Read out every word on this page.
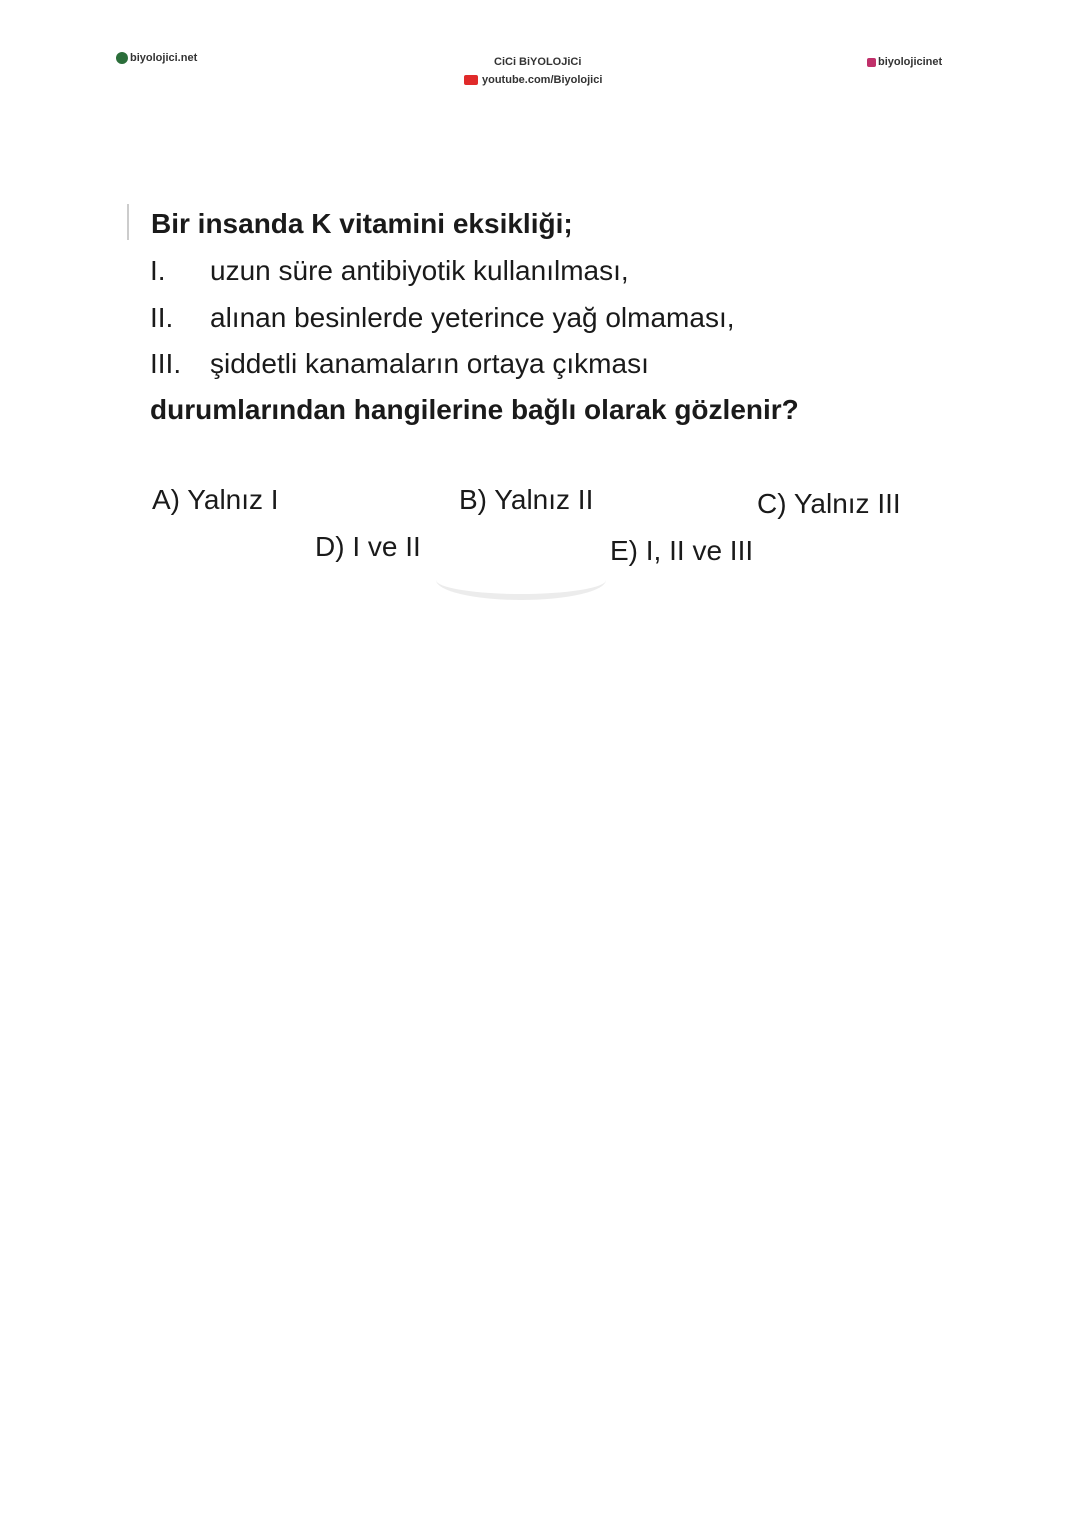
biyolojici.net	CiCi BiYOLOJiCi
youtube.com/Biyolojici
biyolojicinet
Bir insanda K vitamini eksikliği;
I. uzun süre antibiyotik kullanılması,
II. alınan besinlerde yeterince yağ olmaması,
III. şiddetli kanamaların ortaya çıkması
durumlarından hangilerine bağlı olarak gözlenir?
A) Yalnız I	B) Yalnız II	C) Yalnız III
D) I ve II	E) I, II ve III
